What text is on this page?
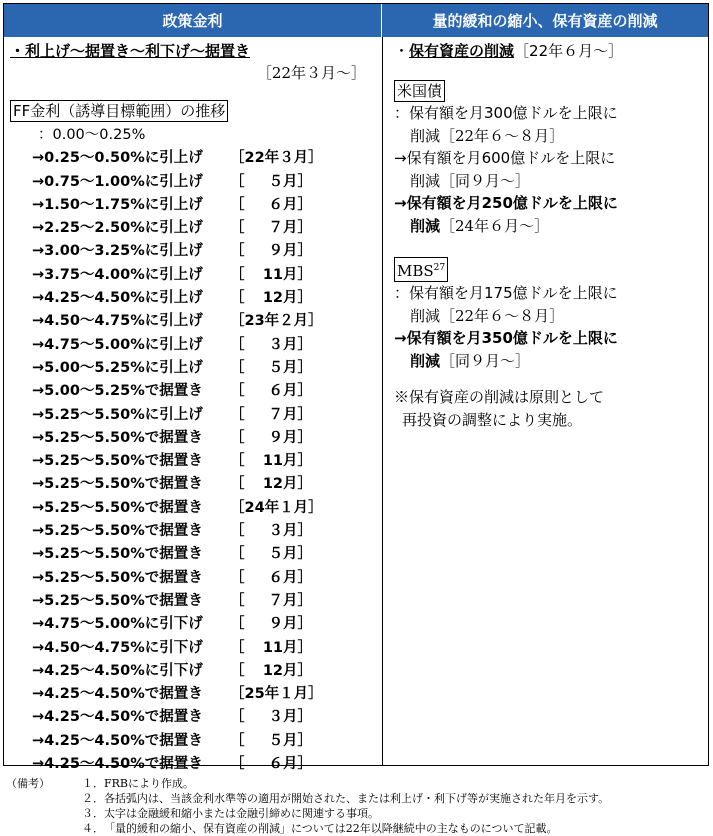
政策金利	量的緩和の縮小、保有資産の削減
・利上げ～据置き～利下げ～据置き
［22年３月～］
FF金利（誘導目標範囲）の推移
：0.00～0.25%
→0.25～0.50%に引上げ	［22年 ３月］
→0.75～1.00%に引上げ	［ ５月］
→1.50～1.75%に引上げ	［ ６月］
→2.25～2.50%に引上げ	［ ７月］
→3.00～3.25%に引上げ	［ ９月］
→3.75～4.00%に引上げ	［ 11月］
→4.25～4.50%に引上げ	［ 12月］
→4.50～4.75%に引上げ	［23年 ２月］
→4.75～5.00%に引上げ	［ ３月］
→5.00～5.25%に引上げ	［ ５月］
→5.00～5.25%で据置き	［ ６月］
→5.25～5.50%に引上げ	［ ７月］
→5.25～5.50%で据置き	［ ９月］
→5.25～5.50%で据置き	［ 11月］
→5.25～5.50%で据置き	［ 12月］
→5.25～5.50%で据置き	［24年 １月］
→5.25～5.50%で据置き	［ ３月］
→5.25～5.50%で据置き	［ ５月］
→5.25～5.50%で据置き	［ ６月］
→5.25～5.50%で据置き	［ ７月］
→4.75～5.00%に引下げ	［ ９月］
→4.50～4.75%に引下げ	［ 11月］
→4.25～4.50%に引下げ	［ 12月］
→4.25～4.50%で据置き	［25年 １月］
→4.25～4.50%で据置き	［ ３月］
→4.25～4.50%で据置き	［ ５月］
→4.25～4.50%で据置き	［ ６月］
・保有資産の削減［22年６月～］
米国債
：保有額を月300億ドルを上限に
削減［22年６～８月］
→保有額を月600億ドルを上限に
削減［同９月～］
→保有額を月250億ドルを上限に
削減［24年６月～］
MBS$^{27}$
：保有額を月175億ドルを上限に
削減［22年６～８月］
→保有額を月350億ドルを上限に
削減［同９月～］
※保有資産の削減は原則として
再投資の調整により実施。
（備考）	１． FRBにより作成。
２． 各括弧内は、当該金利水準等の適用が開始された、または利上げ・利下げ等が実施された年月を示す。
３． 太字は金融緩和縮小または金融引締めに関連する事項。
４． 「量的緩和の縮小、保有資産の削減」については22年以降継続中の主なものについて記載。
